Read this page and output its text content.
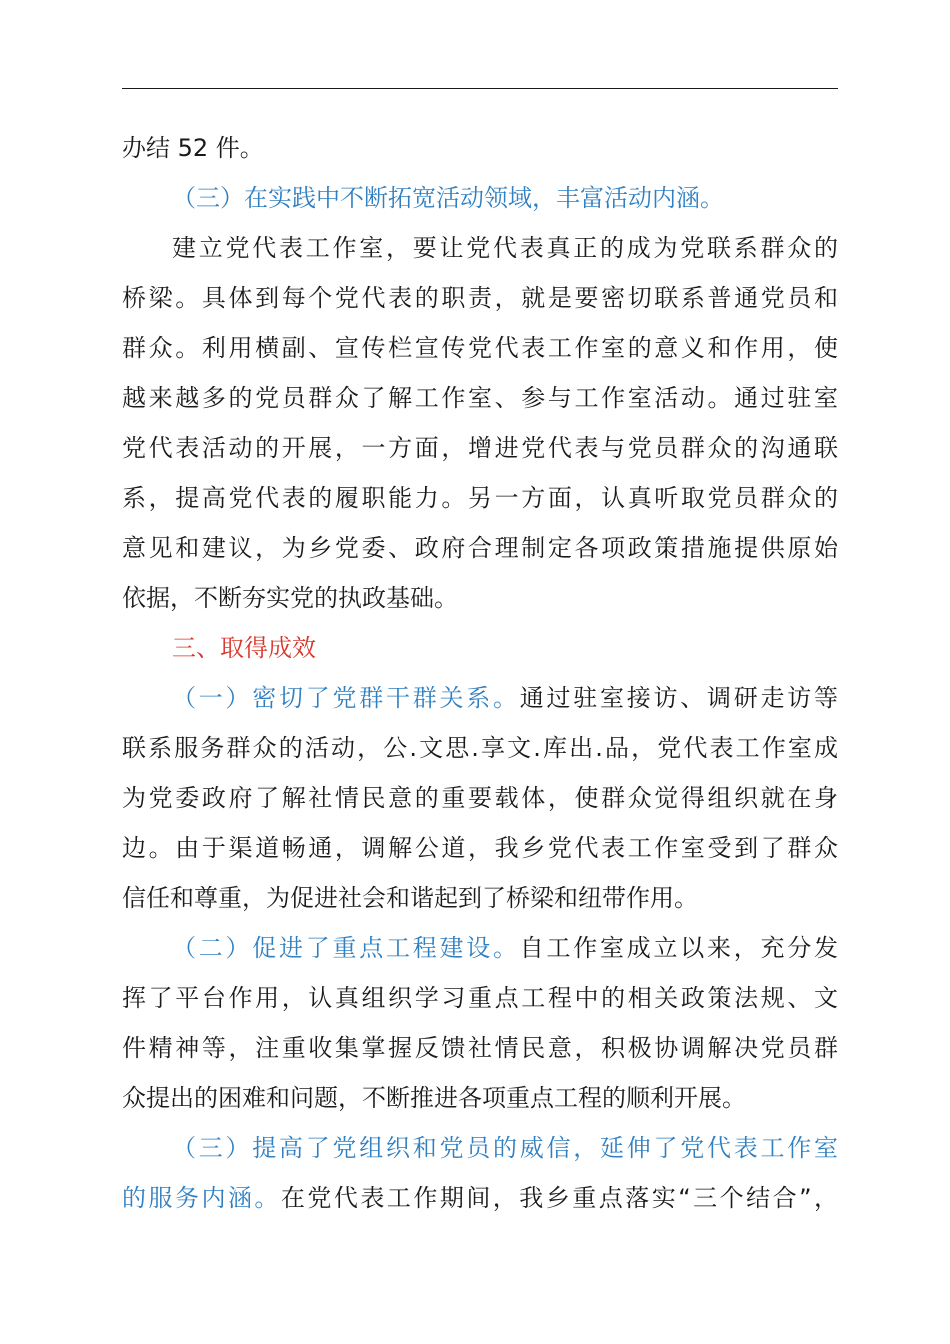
办结 52 件。
（三）在实践中不断拓宽活动领域，丰富活动内涵。
建立党代表工作室，要让党代表真正的成为党联系群众的
桥梁。具体到每个党代表的职责，就是要密切联系普通党员和
群众。利用横副、宣传栏宣传党代表工作室的意义和作用，使
越来越多的党员群众了解工作室、参与工作室活动。通过驻室
党代表活动的开展，一方面，增进党代表与党员群众的沟通联
系，提高党代表的履职能力。另一方面，认真听取党员群众的
意见和建议，为乡党委、政府合理制定各项政策措施提供原始
依据，不断夯实党的执政基础。
三、取得成效
（一）密切了党群干群关系。通过驻室接访、调研走访等
联系服务群众的活动，公.文思.享文.库出.品，党代表工作室成
为党委政府了解社情民意的重要载体，使群众觉得组织就在身
边。由于渠道畅通，调解公道，我乡党代表工作室受到了群众
信任和尊重，为促进社会和谐起到了桥梁和纽带作用。
（二）促进了重点工程建设。自工作室成立以来，充分发
挥了平台作用，认真组织学习重点工程中的相关政策法规、文
件精神等，注重收集掌握反馈社情民意，积极协调解决党员群
众提出的困难和问题，不断推进各项重点工程的顺利开展。
（三）提高了党组织和党员的威信，延伸了党代表工作室
的服务内涵。在党代表工作期间，我乡重点落实“三个结合”，
